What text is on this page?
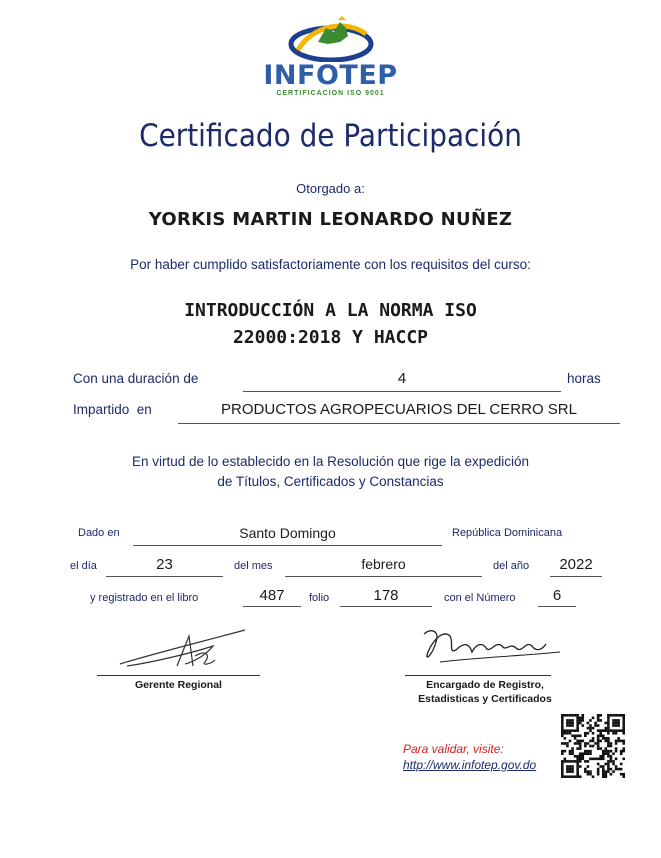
INFOTEP
CERTIFICACION ISO 9001
Certificado de Participación
Otorgado a:
YORKIS MARTIN LEONARDO NUÑEZ
Por haber cumplido satisfactoriamente con los requisitos del curso:
INTRODUCCIÓN A LA NORMA ISO
22000:2018 Y HACCP
Con una duración de	4	horas
Impartido  en	PRODUCTOS AGROPECUARIOS DEL CERRO SRL
En virtud de lo establecido en la Resolución que rige la expedición
de Títulos, Certificados y Constancias
Dado en	Santo Domingo	República Dominicana
el día	23	del mes	febrero	del año	2022
y registrado en el libro	487	folio	178	con el Número	6
Gerente Regional	Encargado de Registro,
Estadisticas y Certificados
Para validar, visite:
http://www.infotep.gov.do
